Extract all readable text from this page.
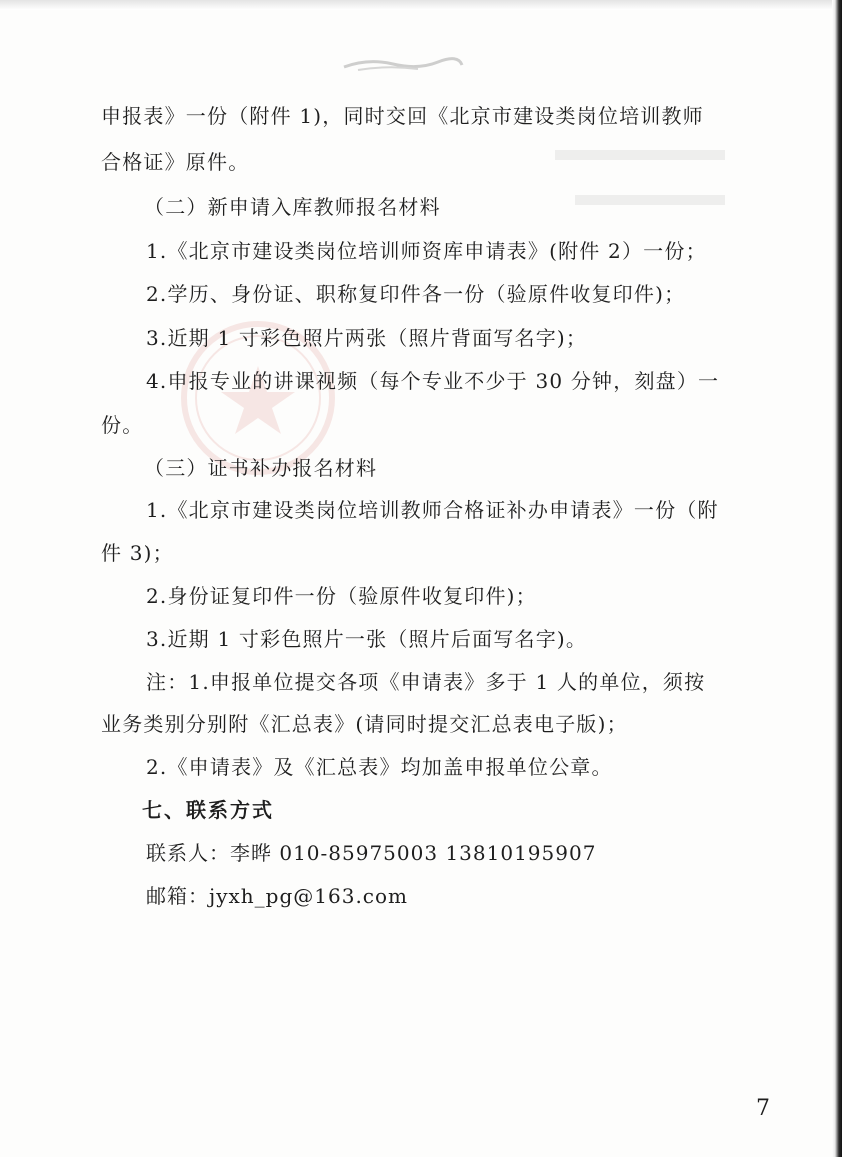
申报表》一份（附件 1)，同时交回《北京市建设类岗位培训教师
合格证》原件。
（二）新申请入库教师报名材料
1.《北京市建设类岗位培训师资库申请表》(附件 2）一份；
2.学历、身份证、职称复印件各一份（验原件收复印件)；
3.近期 1 寸彩色照片两张（照片背面写名字)；
4.申报专业的讲课视频（每个专业不少于 30 分钟，刻盘）一
份。
（三）证书补办报名材料
1.《北京市建设类岗位培训教师合格证补办申请表》一份（附
件 3)；
2.身份证复印件一份（验原件收复印件)；
3.近期 1 寸彩色照片一张（照片后面写名字)。
注：1.申报单位提交各项《申请表》多于 1 人的单位，须按
业务类别分别附《汇总表》(请同时提交汇总表电子版)；
2.《申请表》及《汇总表》均加盖申报单位公章。
七、联系方式
联系人：李晔 010-85975003 13810195907
邮箱：jyxh_pg@163.com
7
